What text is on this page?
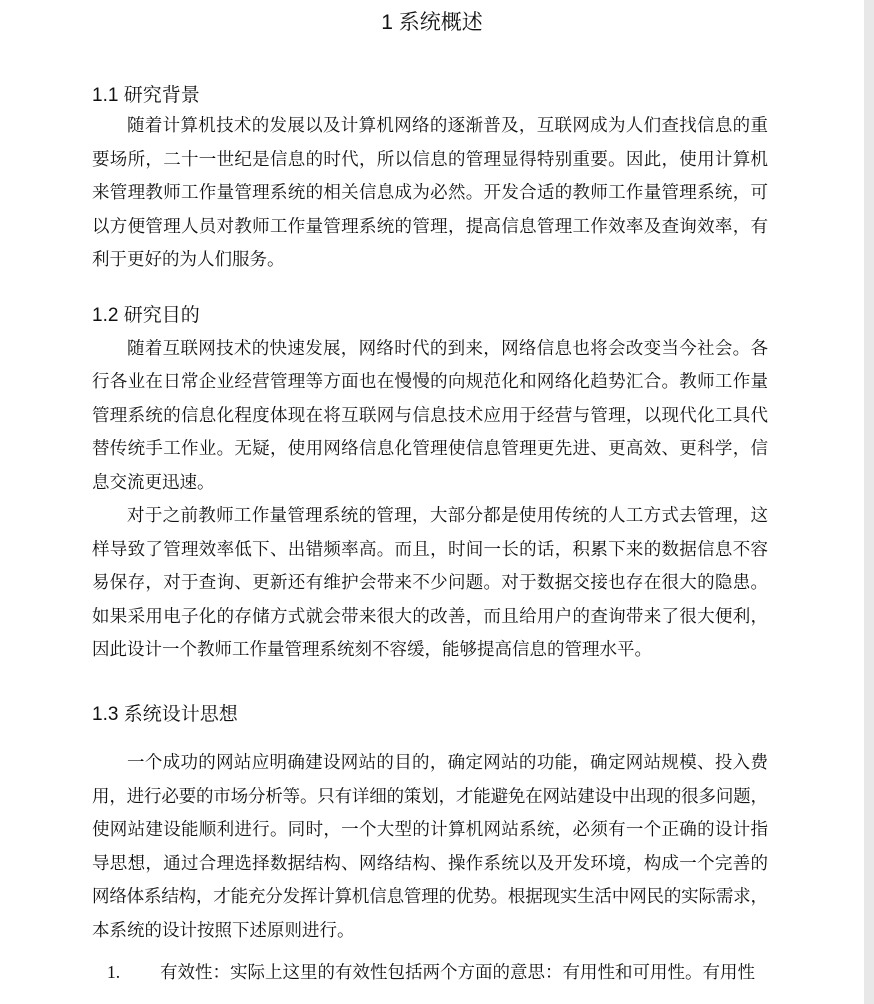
1 系统概述
1.1 研究背景
随着计算机技术的发展以及计算机网络的逐渐普及，互联网成为人们查找信息的重
要场所，二十一世纪是信息的时代，所以信息的管理显得特别重要。因此，使用计算机
来管理教师工作量管理系统的相关信息成为必然。开发合适的教师工作量管理系统，可
以方便管理人员对教师工作量管理系统的管理，提高信息管理工作效率及查询效率，有
利于更好的为人们服务。
1.2 研究目的
随着互联网技术的快速发展，网络时代的到来，网络信息也将会改变当今社会。各
行各业在日常企业经营管理等方面也在慢慢的向规范化和网络化趋势汇合。教师工作量
管理系统的信息化程度体现在将互联网与信息技术应用于经营与管理，以现代化工具代
替传统手工作业。无疑，使用网络信息化管理使信息管理更先进、更高效、更科学，信
息交流更迅速。
对于之前教师工作量管理系统的管理，大部分都是使用传统的人工方式去管理，这
样导致了管理效率低下、出错频率高。而且，时间一长的话，积累下来的数据信息不容
易保存，对于查询、更新还有维护会带来不少问题。对于数据交接也存在很大的隐患。
如果采用电子化的存储方式就会带来很大的改善，而且给用户的查询带来了很大便利，
因此设计一个教师工作量管理系统刻不容缓，能够提高信息的管理水平。
1.3 系统设计思想
一个成功的网站应明确建设网站的目的，确定网站的功能，确定网站规模、投入费
用，进行必要的市场分析等。只有详细的策划，才能避免在网站建设中出现的很多问题，
使网站建设能顺利进行。同时，一个大型的计算机网站系统，必须有一个正确的设计指
导思想，通过合理选择数据结构、网络结构、操作系统以及开发环境，构成一个完善的
网络体系结构，才能充分发挥计算机信息管理的优势。根据现实生活中网民的实际需求，
本系统的设计按照下述原则进行。
1. 有效性：实际上这里的有效性包括两个方面的意思：有用性和可用性。有用性
